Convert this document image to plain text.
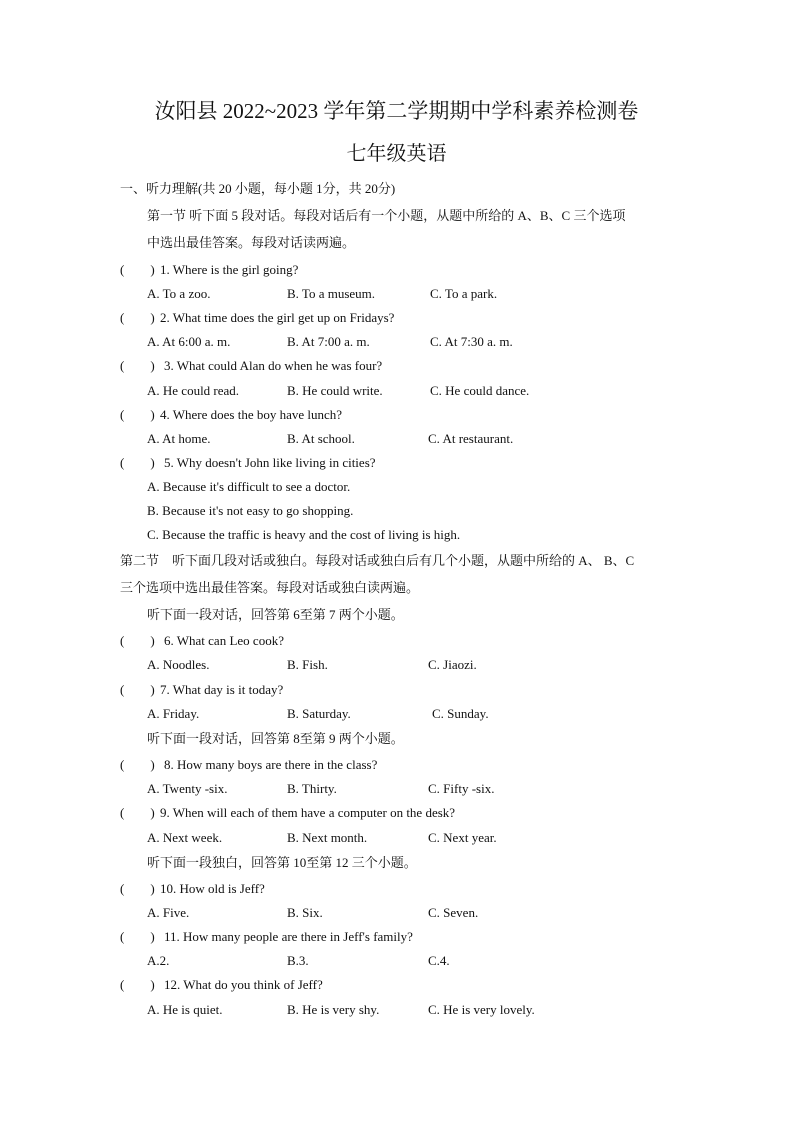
汝阳县 2022~2023 学年第二学期期中学科素养检测卷
七年级英语
一、听力理解(共 20 小题，每小题 1分，共 20分)
第一节 听下面 5 段对话。每段对话后有一个小题，从题中所给的 A、B、C 三个选项
中选出最佳答案。每段对话读两遍。
(　　) 1. Where is the girl going?
A. To a zoo.	B. To a museum.	C. To a park.
(　　) 2. What time does the girl get up on Fridays?
A. At 6:00 a. m.	B. At 7:00 a. m.	C. At 7:30 a. m.
(　　) 3. What could Alan do when he was four?
A. He could read.	B. He could write.	C. He could dance.
(　　) 4. Where does the boy have lunch?
A. At home.	B. At school.	C. At restaurant.
(　　) 5. Why doesn't John like living in cities?
A. Because it's difficult to see a doctor.
B. Because it's not easy to go shopping.
C. Because the traffic is heavy and the cost of living is high.
第二节　听下面几段对话或独白。每段对话或独白后有几个小题，从题中所给的 A、 B、C
三个选项中选出最佳答案。每段对话或独白读两遍。
听下面一段对话，回答第 6至第 7 两个小题。
(　　) 6. What can Leo cook?
A. Noodles.	B. Fish.	C. Jiaozi.
(　　) 7. What day is it today?
A. Friday.	B. Saturday.	C. Sunday.
听下面一段对话，回答第 8至第 9 两个小题。
(　　) 8. How many boys are there in the class?
A. Twenty -six.	B. Thirty.	C. Fifty -six.
(　　) 9. When will each of them have a computer on the desk?
A. Next week.	B. Next month.	C. Next year.
听下面一段独白，回答第 10至第 12 三个小题。
(　　) 10. How old is Jeff?
A. Five.	B. Six.	C. Seven.
(　　) 11. How many people are there in Jeff's family?
A.2.	B.3.	C.4.
(　　) 12. What do you think of Jeff?
A. He is quiet.	B. He is very shy.	C. He is very lovely.
